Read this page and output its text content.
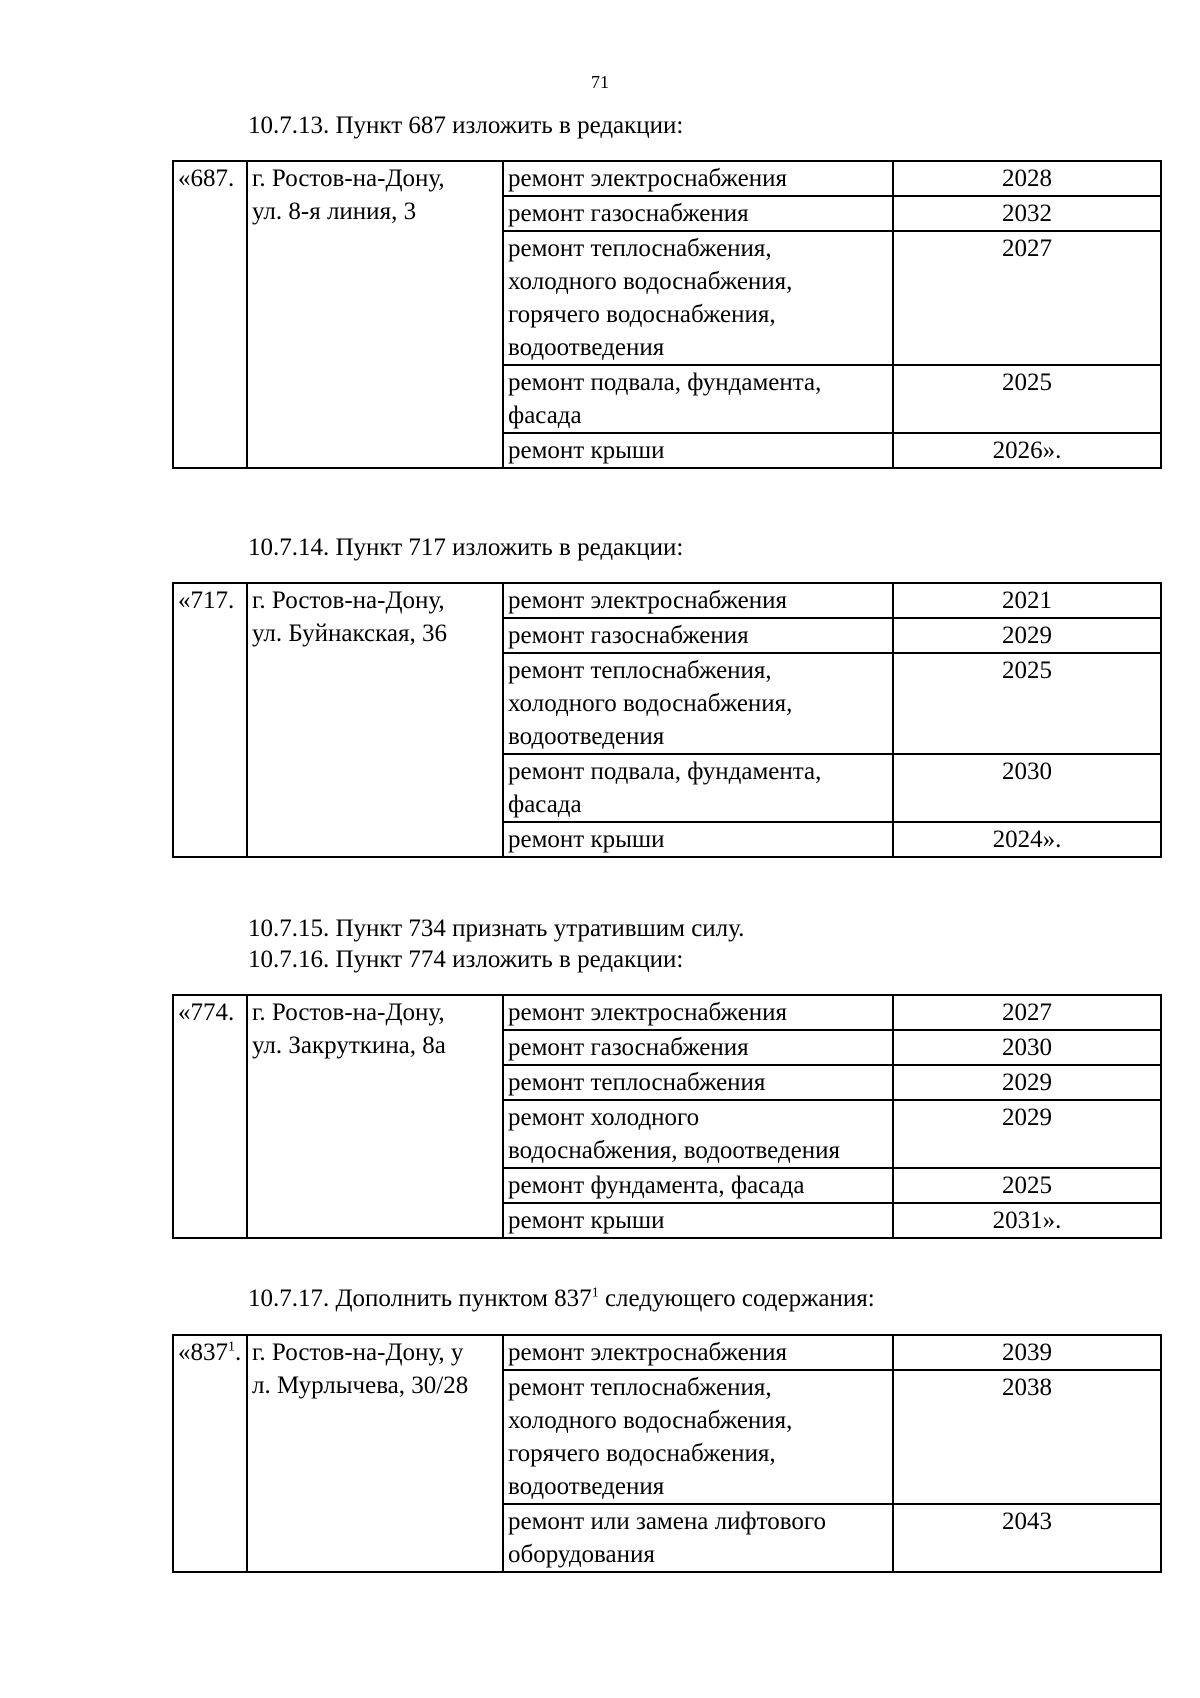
71
10.7.13. Пункт 687 изложить в редакции:
«687.	г. Ростов-на-Дону,
ул. 8-я линия, 3	ремонт электроснабжения	2028
		ремонт газоснабжения	2032
		ремонт теплоснабжения,
холодного водоснабжения,
горячего водоснабжения,
водоотведения	2027
		ремонт подвала, фундамента,
фасада	2025
		ремонт крыши	2026».
10.7.14. Пункт 717 изложить в редакции:
«717.	г. Ростов-на-Дону,
ул. Буйнакская, 36	ремонт электроснабжения	2021
		ремонт газоснабжения	2029
		ремонт теплоснабжения,
холодного водоснабжения,
водоотведения	2025
		ремонт подвала, фундамента,
фасада	2030
		ремонт крыши	2024».
10.7.15. Пункт 734 признать утратившим силу.
10.7.16. Пункт 774 изложить в редакции:
«774.	г. Ростов-на-Дону,
ул. Закруткина, 8а	ремонт электроснабжения	2027
		ремонт газоснабжения	2030
		ремонт теплоснабжения	2029
		ремонт холодного
водоснабжения, водоотведения	2029
		ремонт фундамента, фасада	2025
		ремонт крыши	2031».
10.7.17. Дополнить пунктом $837^1$ следующего содержания:
«$837^1$.	г. Ростов-на-Дону, у
л. Мурлычева, 30/28	ремонт электроснабжения	2039
		ремонт теплоснабжения,
холодного водоснабжения,
горячего водоснабжения,
водоотведения	2038
		ремонт или замена лифтового
оборудования	2043
